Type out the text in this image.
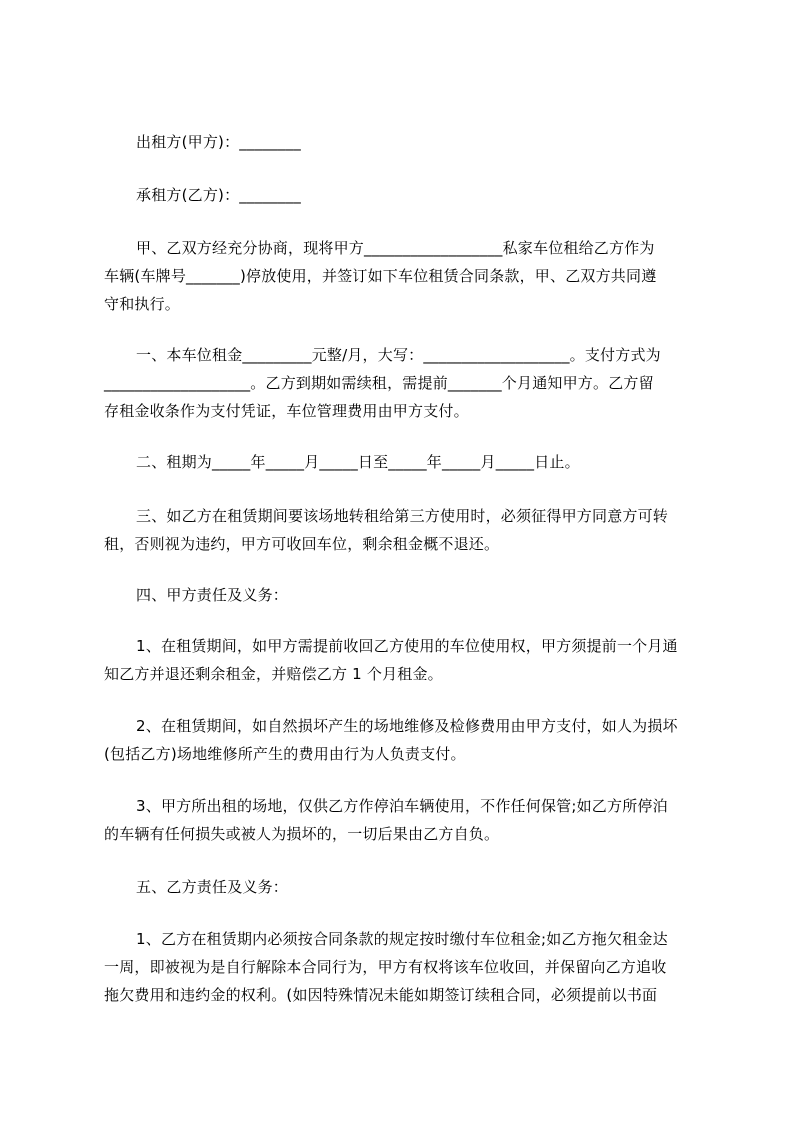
出租方(甲方)：________
承租方(乙方)：________
甲、乙双方经充分协商，现将甲方__________________私家车位租给乙方作为
车辆(车牌号_______)停放使用，并签订如下车位租赁合同条款，甲、乙双方共同遵
守和执行。
一、本车位租金_________元整/月，大写：___________________。支付方式为
___________________。乙方到期如需续租，需提前_______个月通知甲方。乙方留
存租金收条作为支付凭证，车位管理费用由甲方支付。
二、租期为_____年_____月_____日至_____年_____月_____日止。
三、如乙方在租赁期间要该场地转租给第三方使用时，必须征得甲方同意方可转
租，否则视为违约，甲方可收回车位，剩余租金概不退还。
四、甲方责任及义务：
1、在租赁期间，如甲方需提前收回乙方使用的车位使用权，甲方须提前一个月通
知乙方并退还剩余租金，并赔偿乙方 1 个月租金。
2、在租赁期间，如自然损坏产生的场地维修及检修费用由甲方支付，如人为损坏
(包括乙方)场地维修所产生的费用由行为人负责支付。
3、甲方所出租的场地，仅供乙方作停泊车辆使用，不作任何保管;如乙方所停泊
的车辆有任何损失或被人为损坏的，一切后果由乙方自负。
五、乙方责任及义务：
1、乙方在租赁期内必须按合同条款的规定按时缴付车位租金;如乙方拖欠租金达
一周，即被视为是自行解除本合同行为，甲方有权将该车位收回，并保留向乙方追收
拖欠费用和违约金的权利。(如因特殊情况未能如期签订续租合同，必须提前以书面
